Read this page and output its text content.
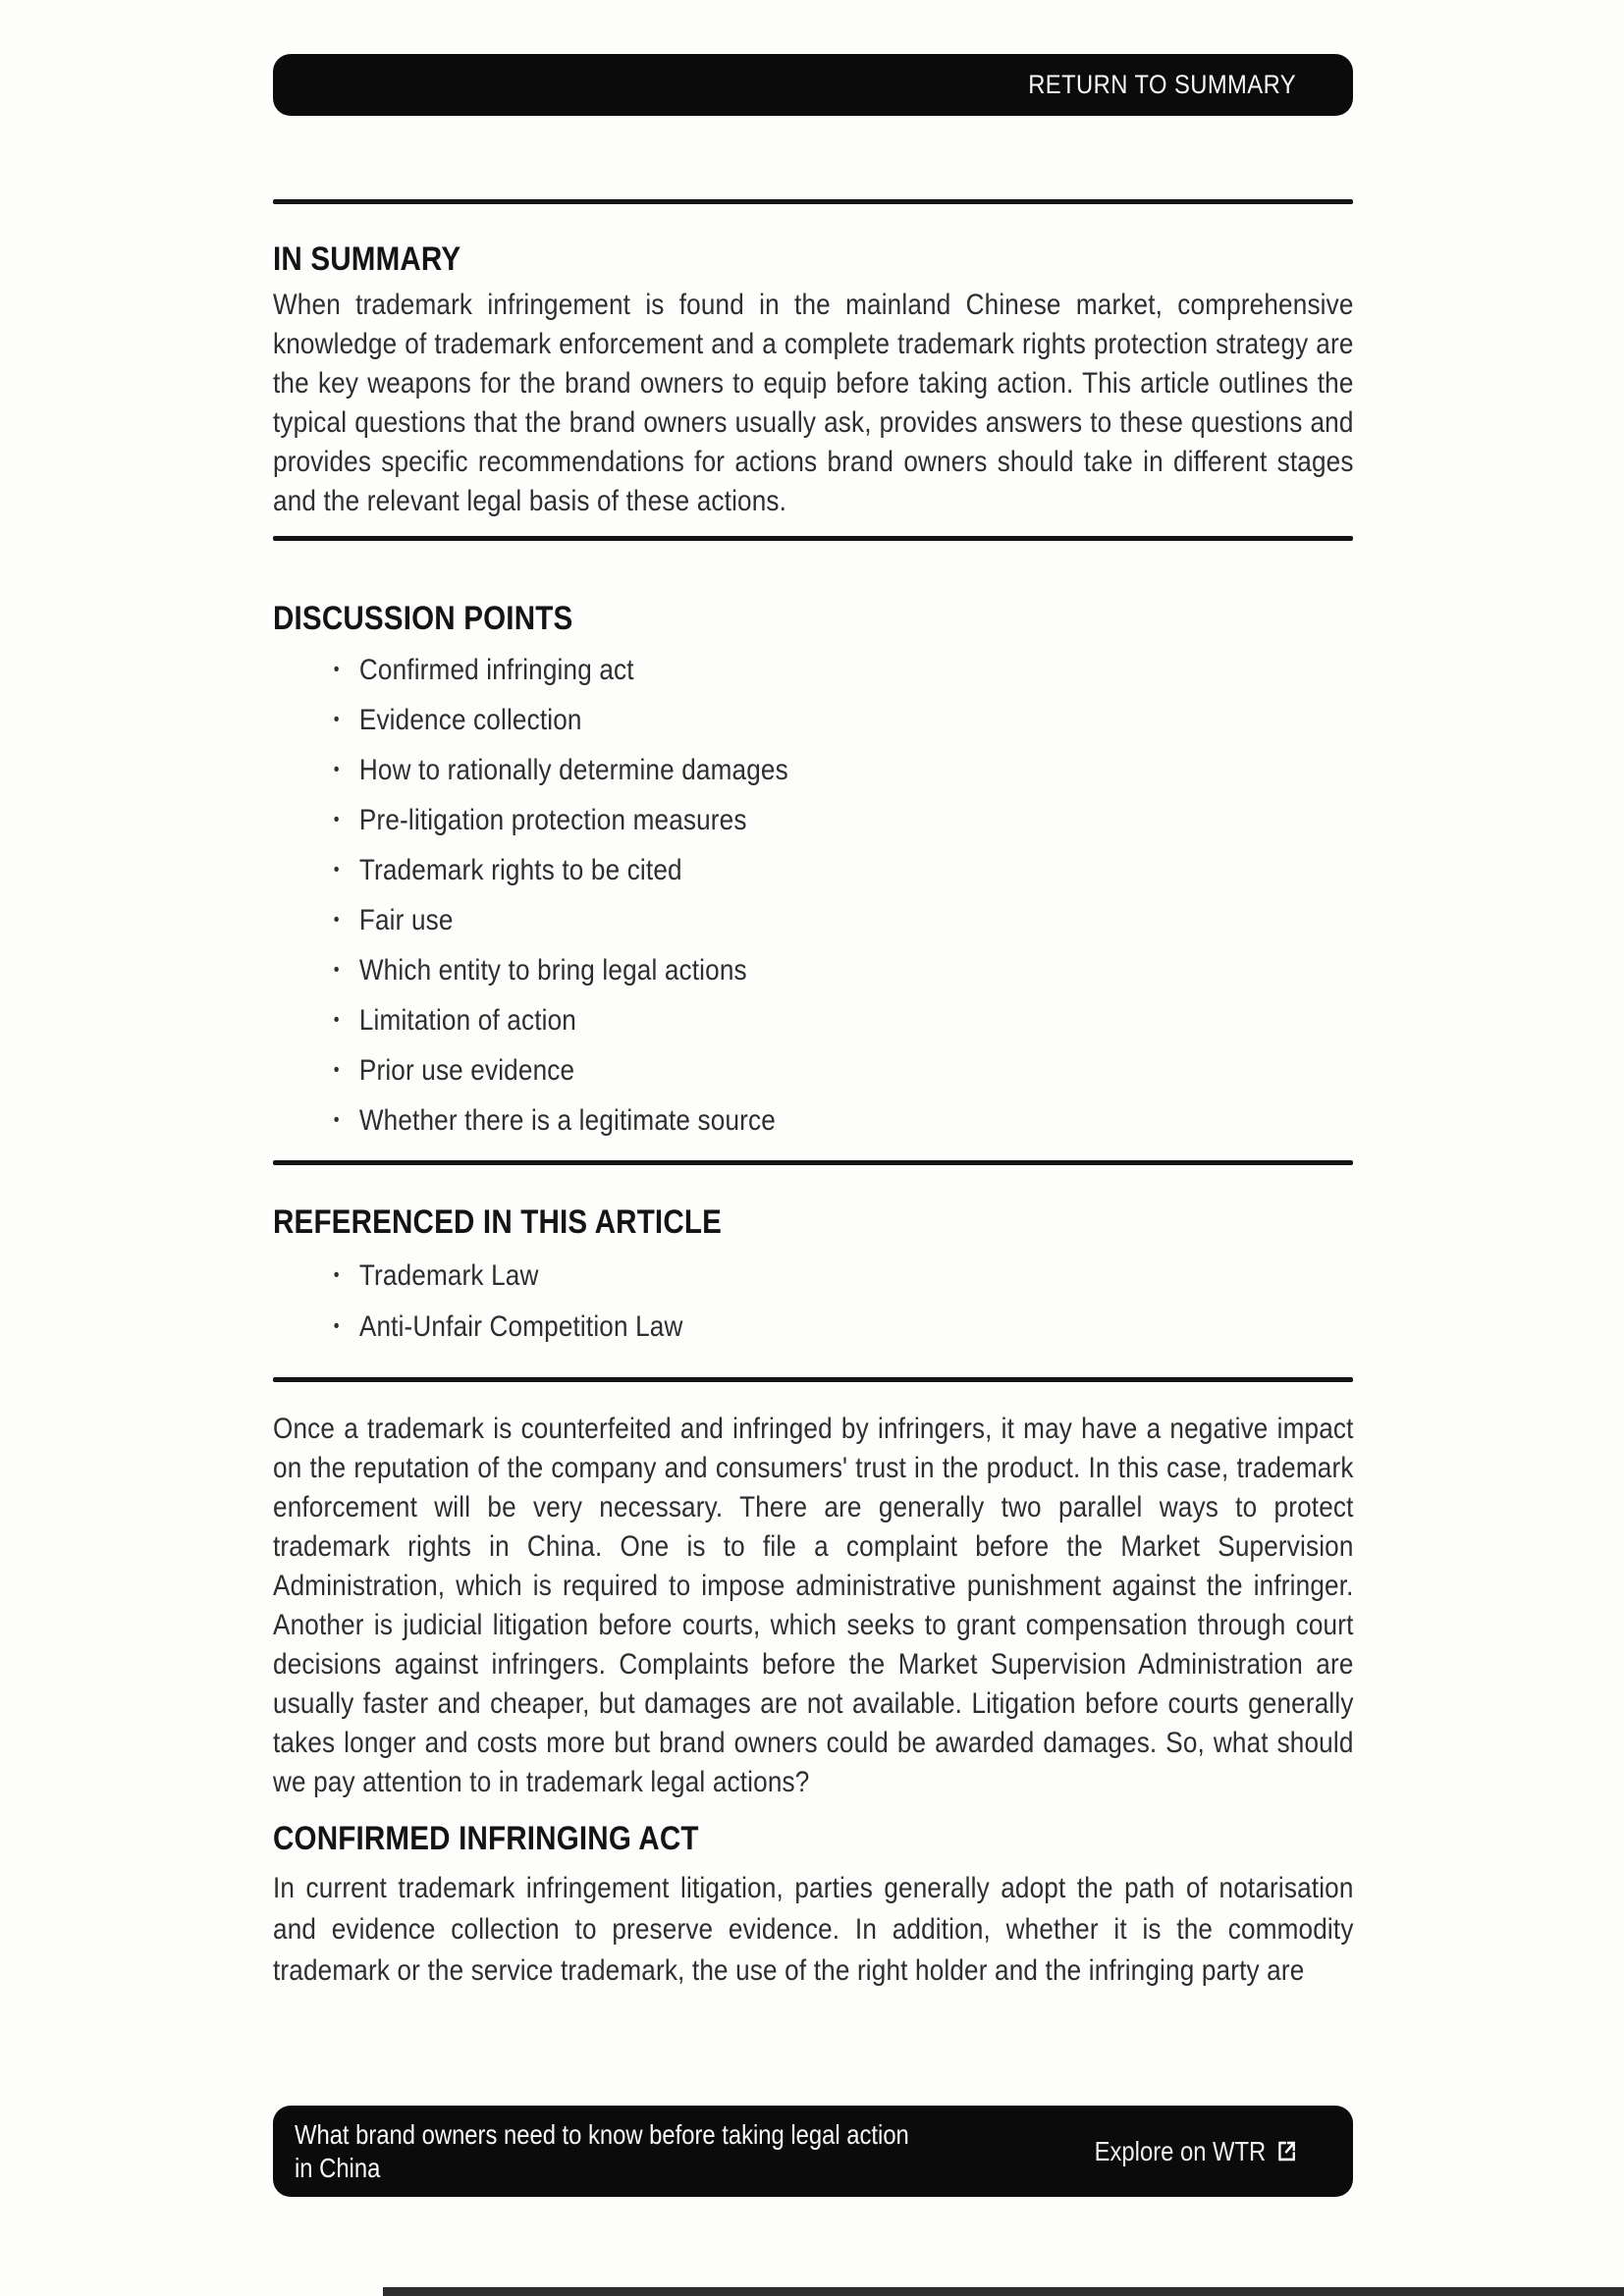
RETURN TO SUMMARY
IN SUMMARY

When trademark infringement is found in the mainland Chinese market, comprehensive knowledge of trademark enforcement and a complete trademark rights protection strategy are the key weapons for the brand owners to equip before taking action. This article outlines the typical questions that the brand owners usually ask, provides answers to these questions and provides specific recommendations for actions brand owners should take in different stages and the relevant legal basis of these actions.

DISCUSSION POINTS
•
Confirmed infringing act
•
Evidence collection
•
How to rationally determine damages
•
Pre-litigation protection measures
•
Trademark rights to be cited
•
Fair use
•
Which entity to bring legal actions
•
Limitation of action
•
Prior use evidence
•
Whether there is a legitimate source
REFERENCED IN THIS ARTICLE
•
Trademark Law
•
Anti-Unfair Competition Law

Once a trademark is counterfeited and infringed by infringers, it may have a negative impact on the reputation of the company and consumers' trust in the product. In this case, trademark enforcement will be very necessary. There are generally two parallel ways to protect trademark rights in China. One is to file a complaint before the Market Supervision Administration, which is required to impose administrative punishment against the infringer. Another is judicial litigation before courts, which seeks to grant compensation through court decisions against infringers. Complaints before the Market Supervision Administration are usually faster and cheaper, but damages are not available. Litigation before courts generally takes longer and costs more but brand owners could be awarded damages. So, what should we pay attention to in trademark legal actions?

CONFIRMED INFRINGING ACT

In current trademark infringement litigation, parties generally adopt the path of notarisation and evidence collection to preserve evidence. In addition, whether it is the commodity trademark or the service trademark, the use of the right holder and the infringing party are

What brand owners need to know before taking legal action
in China
Explore on WTR
